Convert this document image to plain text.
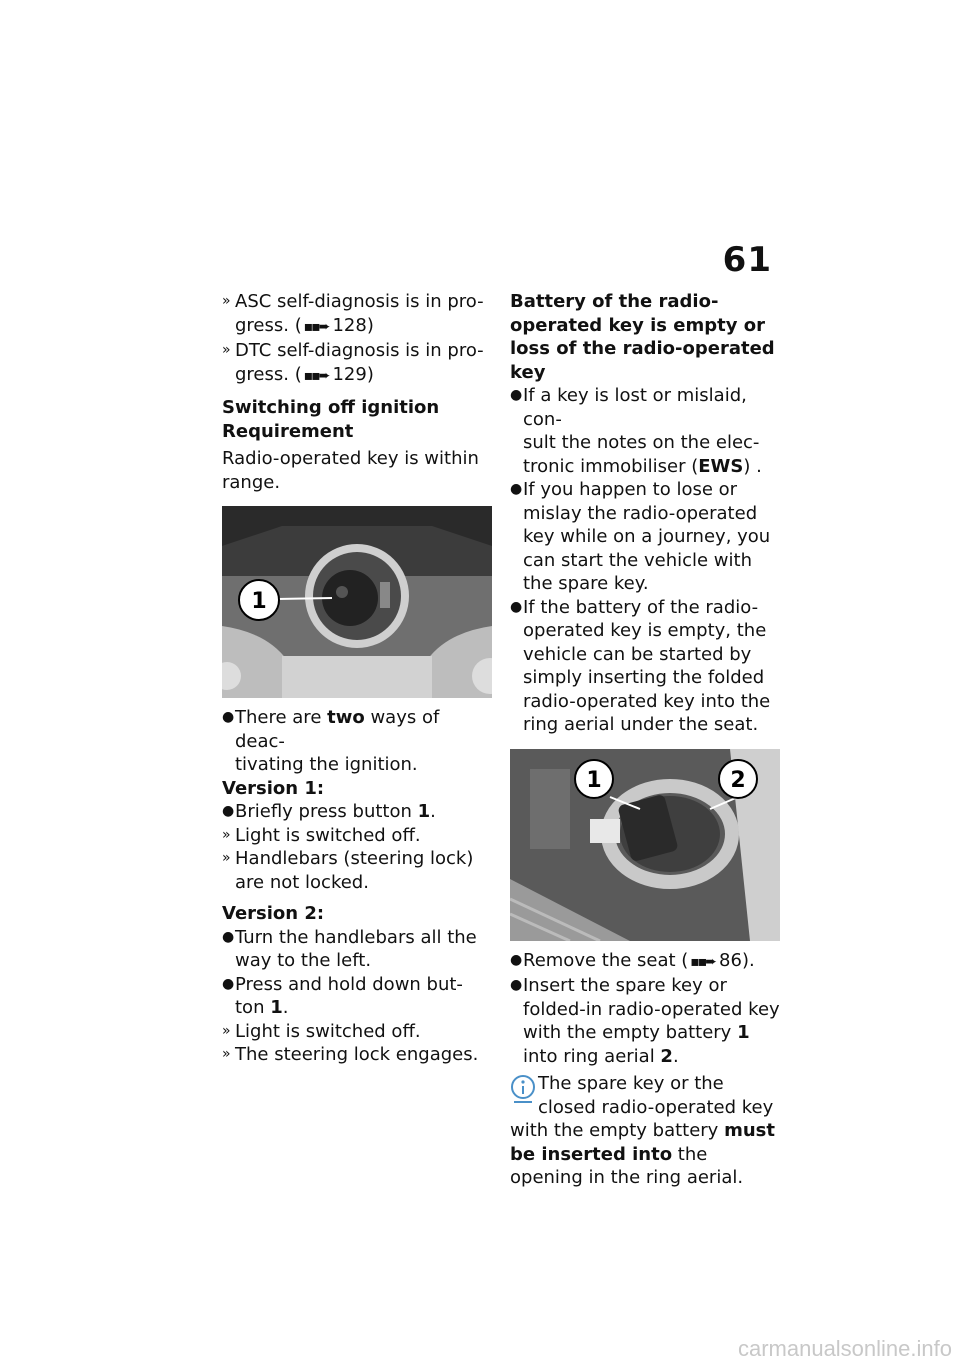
61
» ASC self-diagnosis is in pro-
gress. ( ▪▪➨ 128)
» DTC self-diagnosis is in pro-
gress. ( ▪▪➨ 129)
Switching off ignition
Requirement

Radio-operated key is within range.

1
● There are two ways of deac-
tivating the ignition.
Version 1:
● Briefly press button 1.
» Light is switched off.
» Handlebars (steering lock) are not locked.
Version 2:
● Turn the handlebars all the way to the left.
● Press and hold down but-
ton 1.
» Light is switched off.
» The steering lock engages.
Battery of the radio-operated key is empty or loss of the radio-operated key
● If a key is lost or mislaid, con-
sult the notes on the elec-
tronic immobiliser (EWS) .
● If you happen to lose or mislay the radio-operated key while on a journey, you can start the vehicle with the spare key.
● If the battery of the radio-operated key is empty, the vehicle can be started by simply inserting the folded radio-operated key into the ring aerial under the seat.
1	2
● Remove the seat ( ▪▪➨ 86).
● Insert the spare key or folded-in radio-operated key with the empty battery 1 into ring aerial 2.
The spare key or the
closed radio-operated key with the empty battery must be inserted into the opening in the ring aerial.
carmanualsonline.info
